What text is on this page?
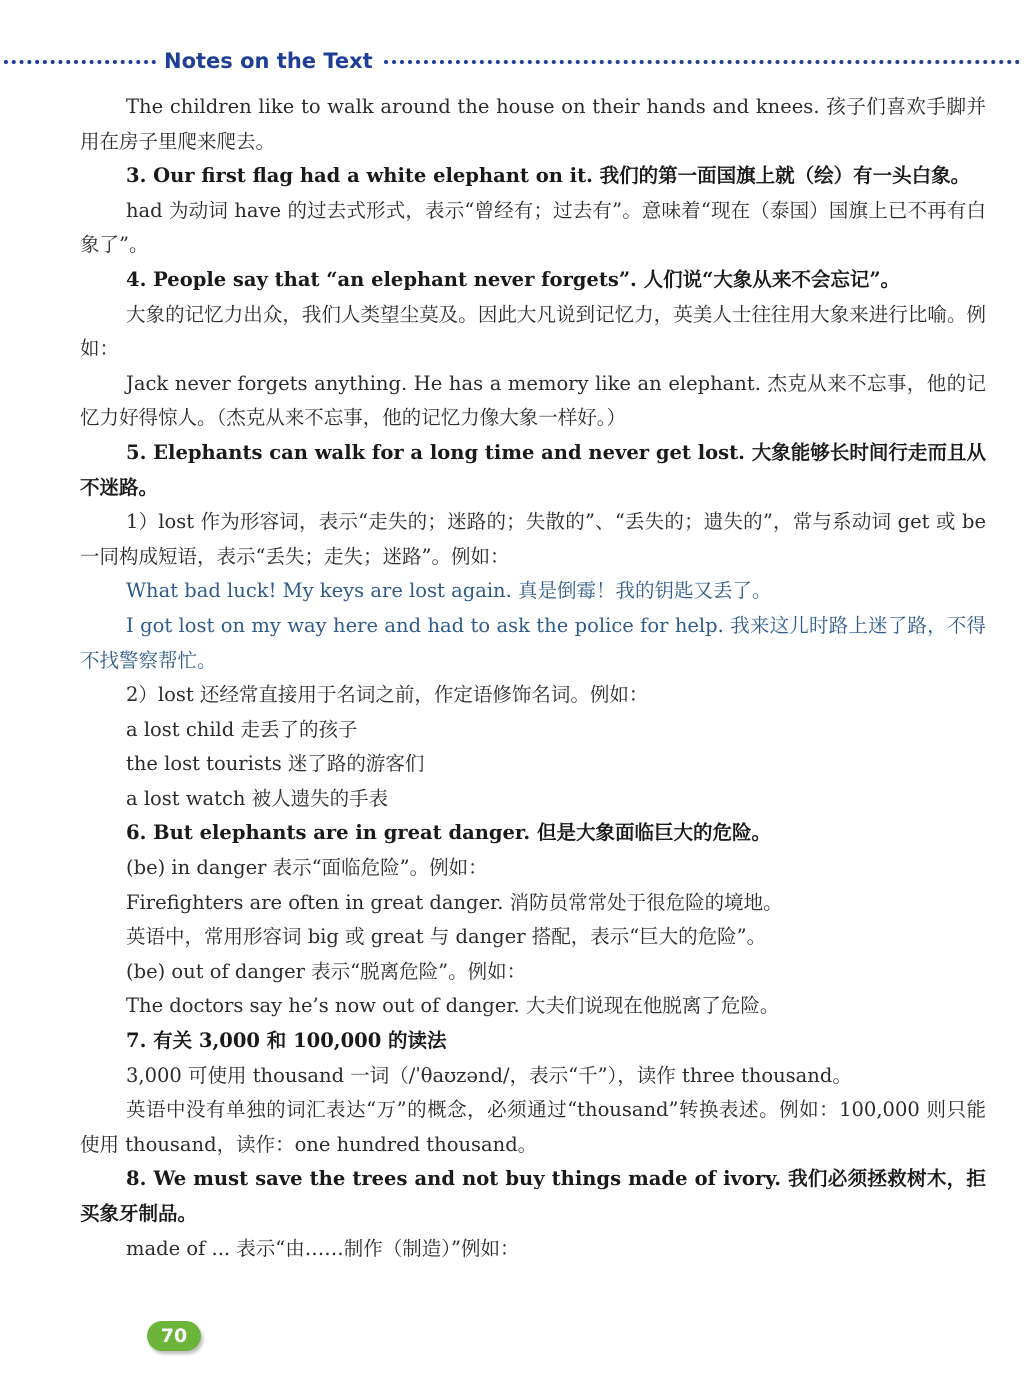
Notes on the Text
The children like to walk around the house on their hands and knees. 孩子们喜欢手脚并用在房子里爬来爬去。
3. Our first flag had a white elephant on it. 我们的第一面国旗上就（绘）有一头白象。
had 为动词 have 的过去式形式，表示“曾经有；过去有”。意味着“现在（泰国）国旗上已不再有白象了”。
4. People say that “an elephant never forgets”. 人们说“大象从来不会忘记”。
大象的记忆力出众，我们人类望尘莫及。因此大凡说到记忆力，英美人士往往用大象来进行比喻。例如：
Jack never forgets anything. He has a memory like an elephant. 杰克从来不忘事，他的记忆力好得惊人。（杰克从来不忘事，他的记忆力像大象一样好。）
5. Elephants can walk for a long time and never get lost. 大象能够长时间行走而且从不迷路。
1）lost 作为形容词，表示“走失的；迷路的；失散的”、“丢失的；遗失的”，常与系动词 get 或 be 一同构成短语，表示“丢失；走失；迷路”。例如：
What bad luck! My keys are lost again. 真是倒霉！我的钥匙又丢了。
I got lost on my way here and had to ask the police for help. 我来这儿时路上迷了路，不得不找警察帮忙。
2）lost 还经常直接用于名词之前，作定语修饰名词。例如：
a lost child 走丢了的孩子
the lost tourists 迷了路的游客们
a lost watch 被人遗失的手表
6. But elephants are in great danger. 但是大象面临巨大的危险。
(be) in danger 表示“面临危险”。例如：
Firefighters are often in great danger. 消防员常常处于很危险的境地。
英语中，常用形容词 big 或 great 与 danger 搭配，表示“巨大的危险”。
(be) out of danger 表示“脱离危险”。例如：
The doctors say he’s now out of danger. 大夫们说现在他脱离了危险。
7. 有关 3,000 和 100,000 的读法
3,000 可使用 thousand 一词（/ˈθaʊzənd/，表示“千”），读作 three thousand。
英语中没有单独的词汇表达“万”的概念，必须通过“thousand”转换表述。例如：100,000 则只能使用 thousand，读作：one hundred thousand。
8. We must save the trees and not buy things made of ivory. 我们必须拯救树木，拒买象牙制品。
made of ... 表示“由……制作（制造）”例如：
70
